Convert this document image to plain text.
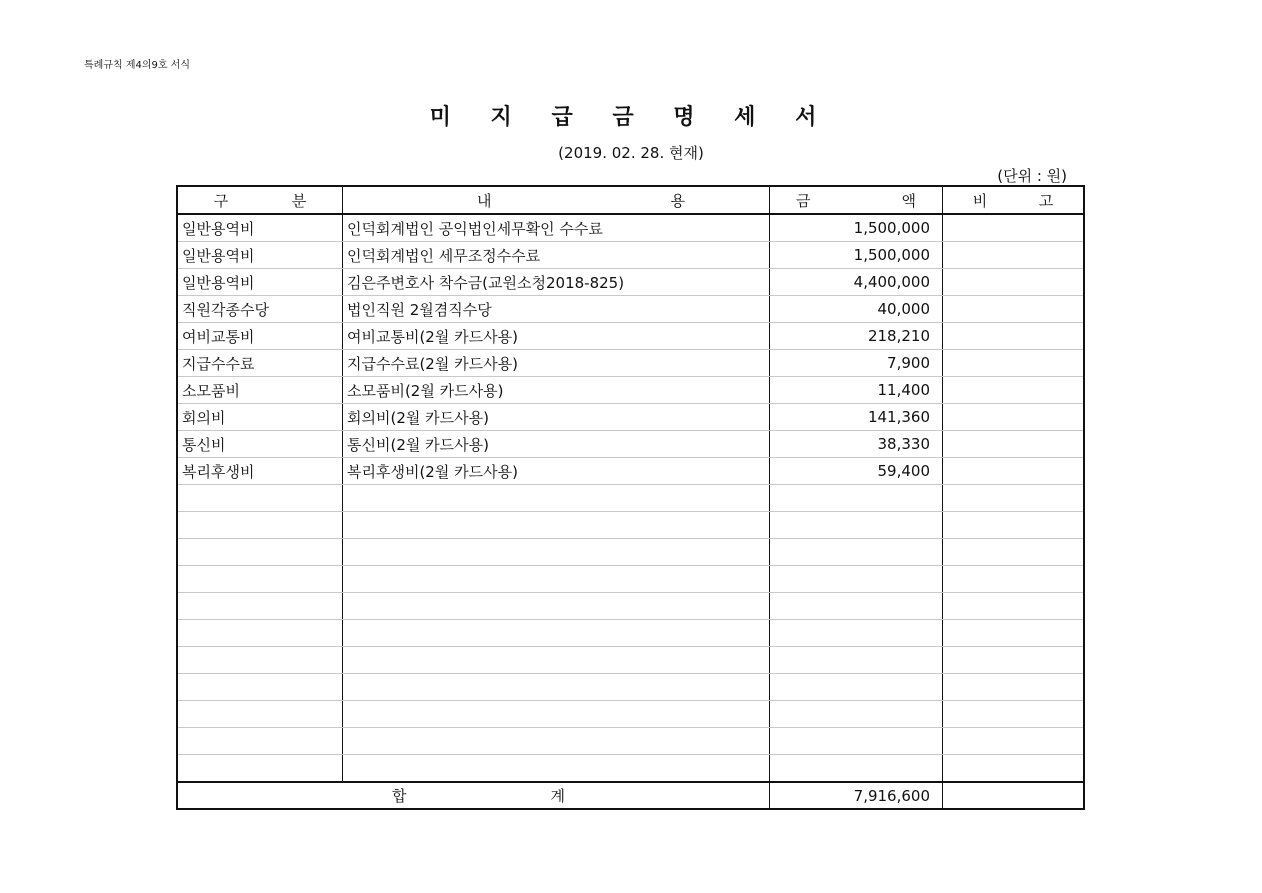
특례규칙 제4의9호 서식
미 지 급 금 명 세 서
(2019. 02. 28. 현재)
(단위 : 원)
구 분	내 용	금 액	비 고

일반용역비	인덕회계법인 공익법인세무확인 수수료	1,500,000	
일반용역비	인덕회계법인 세무조정수수료	1,500,000	
일반용역비	김은주변호사 착수금(교원소청2018-825)	4,400,000	
직원각종수당	법인직원 2월겸직수당	40,000	
여비교통비	여비교통비(2월 카드사용)	218,210	
지급수수료	지급수수료(2월 카드사용)	7,900	
소모품비	소모품비(2월 카드사용)	11,400	
회의비	회의비(2월 카드사용)	141,360	
통신비	통신비(2월 카드사용)	38,330	
복리후생비	복리후생비(2월 카드사용)	59,400	

합 계		7,916,600	
